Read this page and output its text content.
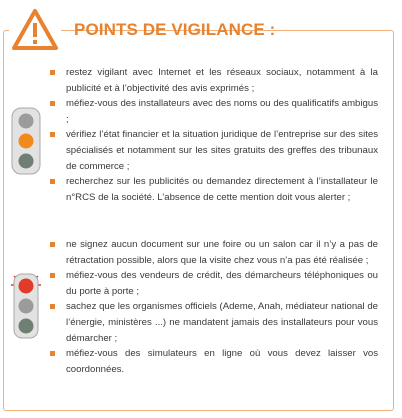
POINTS DE VIGILANCE :
restez vigilant avec Internet et les réseaux sociaux, notamment à la publicité et à l’objectivité des avis exprimés ;
méfiez-vous des installateurs avec des noms ou des qualificatifs ambigus ;
vérifiez l’état financier et la situation juridique de l’entreprise sur des sites spécialisés et notamment sur les sites gratuits des greffes des tribunaux de commerce ;
recherchez sur les publicités ou demandez directement à l’installateur le n°RCS de la société. L’absence de cette mention doit vous alerter ;
ne signez aucun document sur une foire ou un salon car il n’y a pas de rétractation possible, alors que la visite chez vous n’a pas été réalisée ;
méfiez-vous des vendeurs de crédit, des démarcheurs téléphoniques ou du porte à porte ;
sachez que les organismes officiels (Ademe, Anah, médiateur national de l’énergie, ministères ...) ne mandatent jamais des installateurs pour vous démarcher ;
méfiez-vous des simulateurs en ligne où vous devez laisser vos coordonnées.
